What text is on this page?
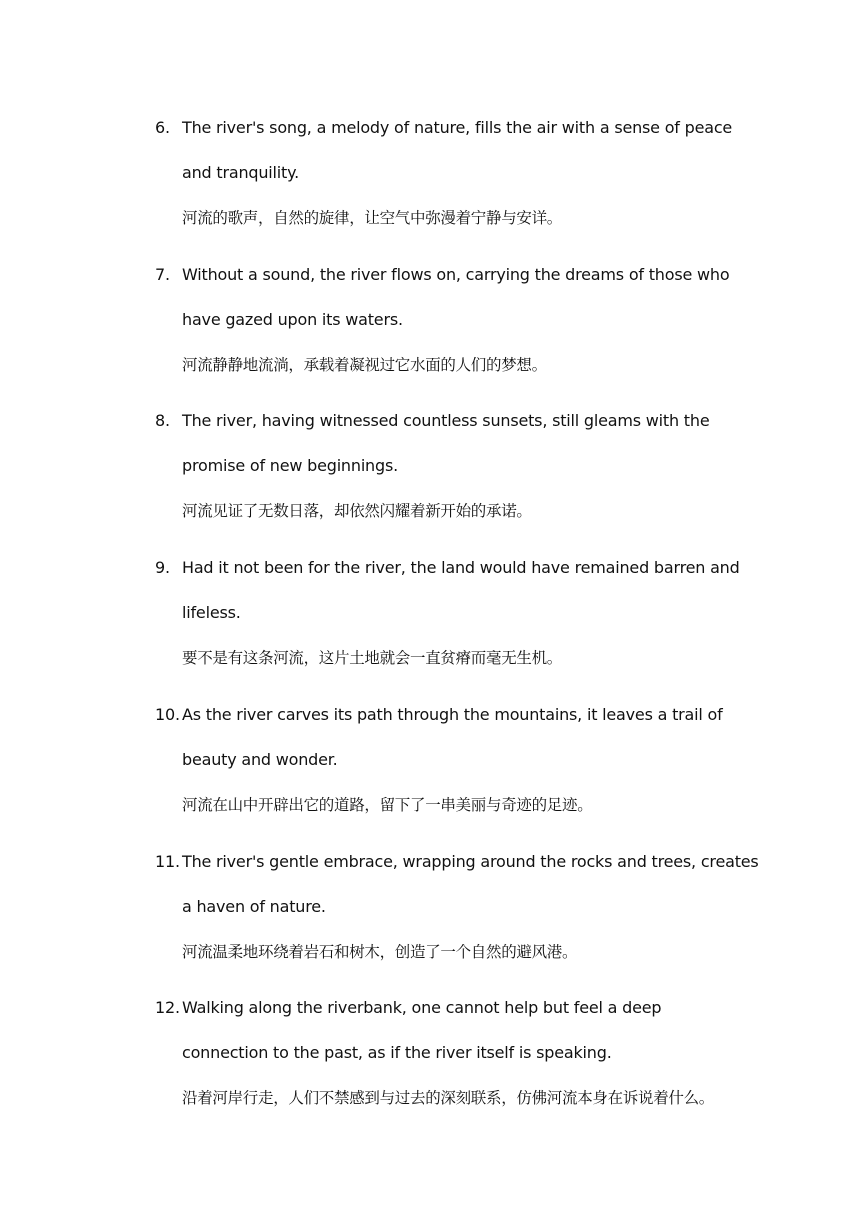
6. The river's song, a melody of nature, fills the air with a sense of peace
and tranquility.
河流的歌声，自然的旋律，让空气中弥漫着宁静与安详。
7. Without a sound, the river flows on, carrying the dreams of those who
have gazed upon its waters.
河流静静地流淌，承载着凝视过它水面的人们的梦想。
8. The river, having witnessed countless sunsets, still gleams with the
promise of new beginnings.
河流见证了无数日落，却依然闪耀着新开始的承诺。
9. Had it not been for the river, the land would have remained barren and
lifeless.
要不是有这条河流，这片土地就会一直贫瘠而毫无生机。
10. As the river carves its path through the mountains, it leaves a trail of
beauty and wonder.
河流在山中开辟出它的道路，留下了一串美丽与奇迹的足迹。
11. The river's gentle embrace, wrapping around the rocks and trees, creates
a haven of nature.
河流温柔地环绕着岩石和树木，创造了一个自然的避风港。
12. Walking along the riverbank, one cannot help but feel a deep
connection to the past, as if the river itself is speaking.
沿着河岸行走，人们不禁感到与过去的深刻联系，仿佛河流本身在诉说着什么。
